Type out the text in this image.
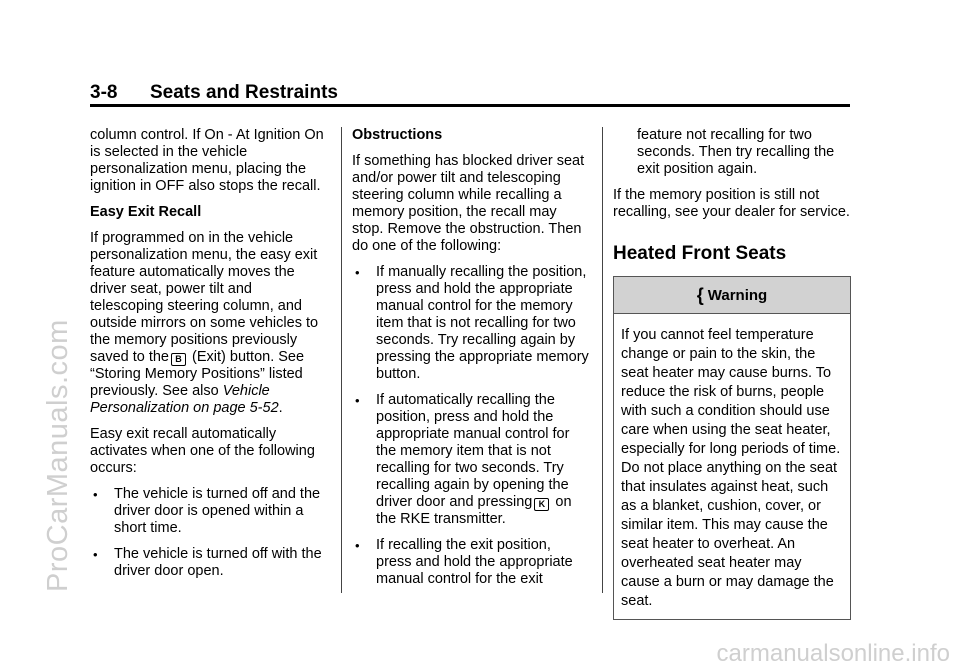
3-8 Seats and Restraints

column control. If On - At Ignition On is selected in the vehicle personalization menu, placing the ignition in OFF also stops the recall.

Easy Exit Recall

If programmed on in the vehicle personalization menu, the easy exit feature automatically moves the driver seat, power tilt and telescoping steering column, and outside mirrors on some vehicles to the memory positions previously saved to the B (Exit) button. See “Storing Memory Positions” listed previously. See also Vehicle Personalization on page 5-52.

Easy exit recall automatically activates when one of the following occurs:

• The vehicle is turned off and the driver door is opened within a short time.
• The vehicle is turned off with the driver door open.
Obstructions

If something has blocked driver seat and/or power tilt and telescoping steering column while recalling a memory position, the recall may stop. Remove the obstruction. Then do one of the following:

• If manually recalling the position, press and hold the appropriate manual control for the memory item that is not recalling for two seconds. Try recalling again by pressing the appropriate memory button.
• If automatically recalling the position, press and hold the appropriate manual control for the memory item that is not recalling for two seconds. Try recalling again by opening the driver door and pressing K on the RKE transmitter.
• If recalling the exit position, press and hold the appropriate manual control for the exit

feature not recalling for two seconds. Then try recalling the exit position again.

If the memory position is still not recalling, see your dealer for service.

Heated Front Seats
{ Warning
If you cannot feel temperature change or pain to the skin, the seat heater may cause burns. To reduce the risk of burns, people with such a condition should use care when using the seat heater, especially for long periods of time. Do not place anything on the seat that insulates against heat, such as a blanket, cushion, cover, or similar item. This may cause the seat heater to overheat. An overheated seat heater may cause a burn or may damage the seat.
ProCarManuals.com
carmanualsonline.info
